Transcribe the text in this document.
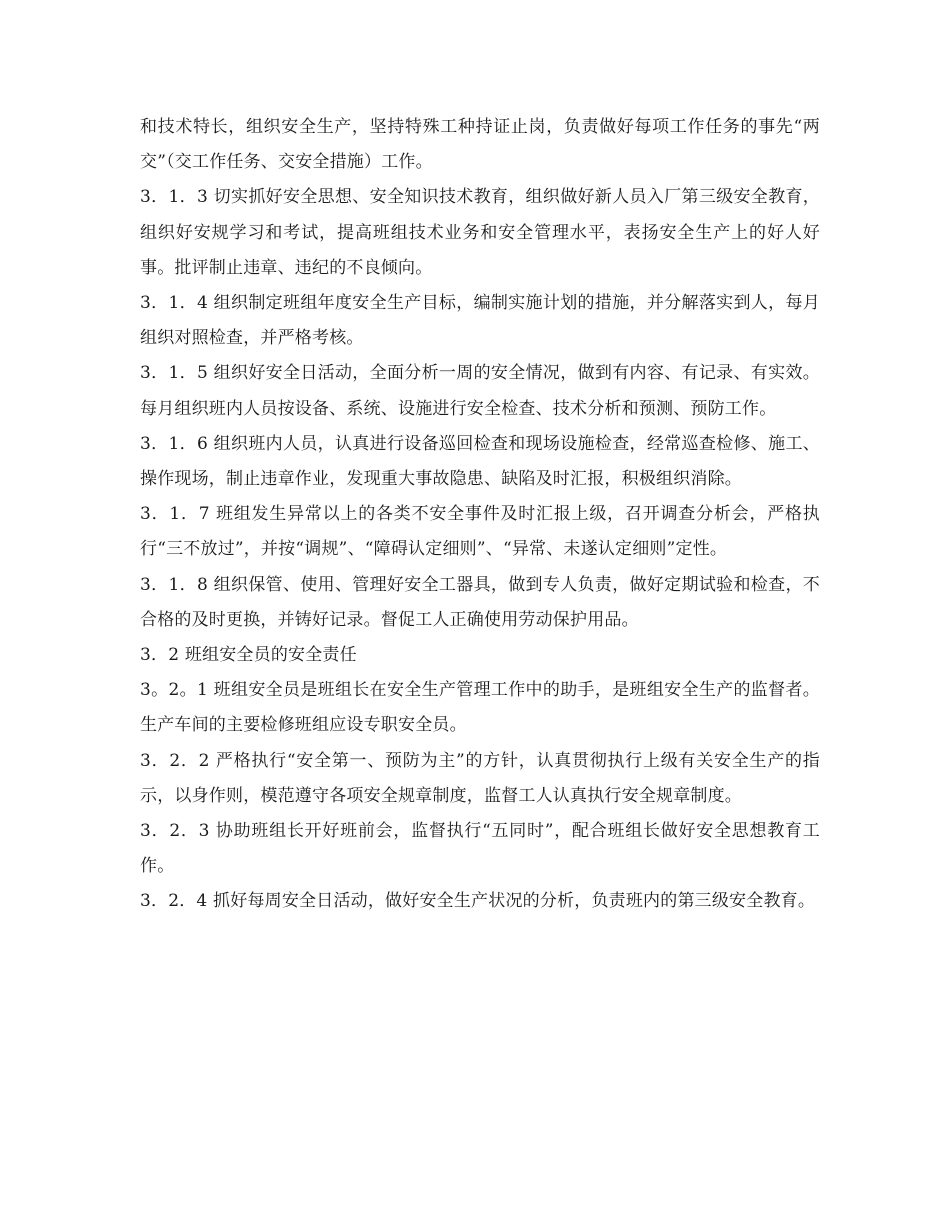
和技术特长，组织安全生产，坚持特殊工种持证止岗，负责做好每项工作任务的事先“两交”（交工作任务、交安全措施）工作。

3．1．3 切实抓好安全思想、安全知识技术教育，组织做好新人员入厂第三级安全教育，组织好安规学习和考试，提高班组技术业务和安全管理水平，表扬安全生产上的好人好事。批评制止违章、违纪的不良倾向。

3．1．4 组织制定班组年度安全生产目标，编制实施计划的措施，并分解落实到人，每月组织对照检查，并严格考核。

3．1．5 组织好安全日活动，全面分析一周的安全情况，做到有内容、有记录、有实效。每月组织班内人员按设备、系统、设施进行安全检查、技术分析和预测、预防工作。

3．1．6 组织班内人员，认真进行设备巡回检查和现场设施检查，经常巡查检修、施工、操作现场，制止违章作业，发现重大事故隐患、缺陷及时汇报，积极组织消除。

3．1．7 班组发生异常以上的各类不安全事件及时汇报上级，召开调查分析会，严格执行“三不放过”，并按“调规”、“障碍认定细则”、“异常、未遂认定细则”定性。

3．1．8 组织保管、使用、管理好安全工器具，做到专人负责，做好定期试验和检查，不合格的及时更换，并铸好记录。督促工人正确使用劳动保护用品。

3．2 班组安全员的安全责任

3。2。1 班组安全员是班组长在安全生产管理工作中的助手，是班组安全生产的监督者。生产车间的主要检修班组应设专职安全员。

3．2．2 严格执行“安全第一、预防为主”的方针，认真贯彻执行上级有关安全生产的指示，以身作则，模范遵守各项安全规章制度，监督工人认真执行安全规章制度。

3．2．3 协助班组长开好班前会，监督执行“五同时”，配合班组长做好安全思想教育工作。

3．2．4 抓好每周安全日活动，做好安全生产状况的分析，负责班内的第三级安全教育。
